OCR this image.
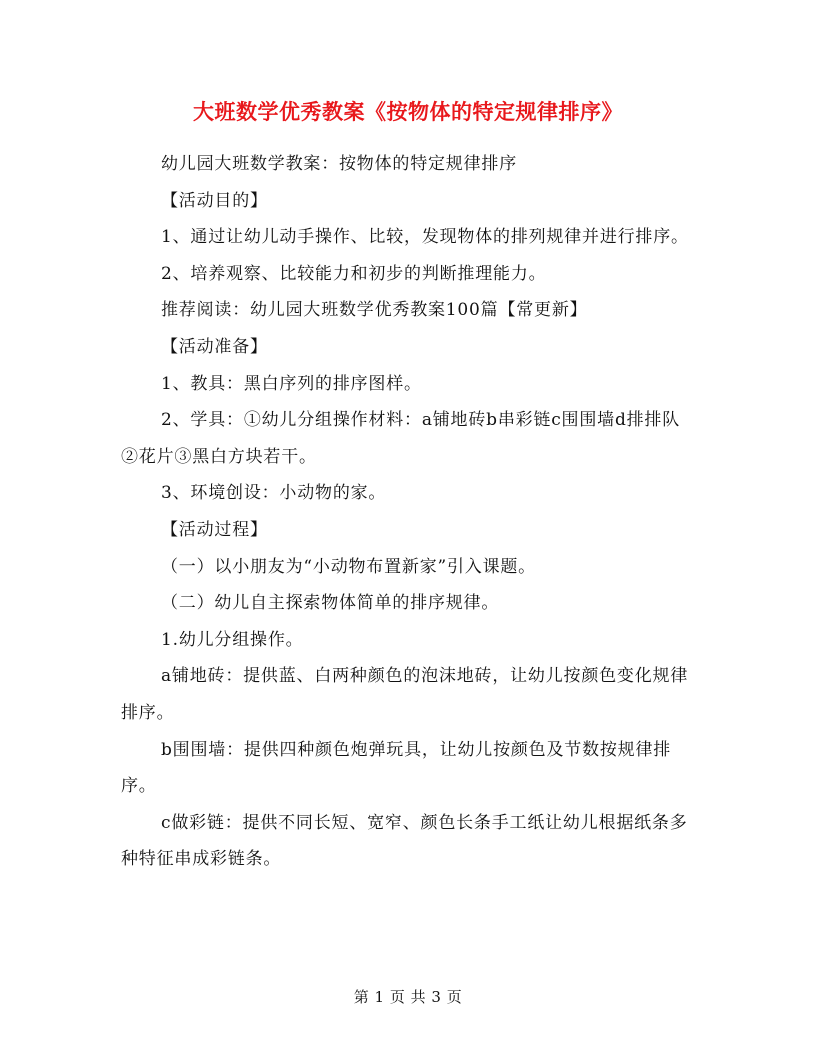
大班数学优秀教案《按物体的特定规律排序》

幼儿园大班数学教案：按物体的特定规律排序

【活动目的】

1、通过让幼儿动手操作、比较，发现物体的排列规律并进行排序。

2、培养观察、比较能力和初步的判断推理能力。

推荐阅读：幼儿园大班数学优秀教案100篇【常更新】

【活动准备】

1、教具：黑白序列的排序图样。

2、学具：①幼儿分组操作材料：a铺地砖b串彩链c围围墙d排排队②花片③黑白方块若干。

3、环境创设：小动物的家。

【活动过程】

（一）以小朋友为“小动物布置新家”引入课题。

（二）幼儿自主探索物体简单的排序规律。

1.幼儿分组操作。

a铺地砖：提供蓝、白两种颜色的泡沫地砖，让幼儿按颜色变化规律排序。

b围围墙：提供四种颜色炮弹玩具，让幼儿按颜色及节数按规律排序。

c做彩链：提供不同长短、宽窄、颜色长条手工纸让幼儿根据纸条多种特征串成彩链条。

第 1 页 共 3 页
